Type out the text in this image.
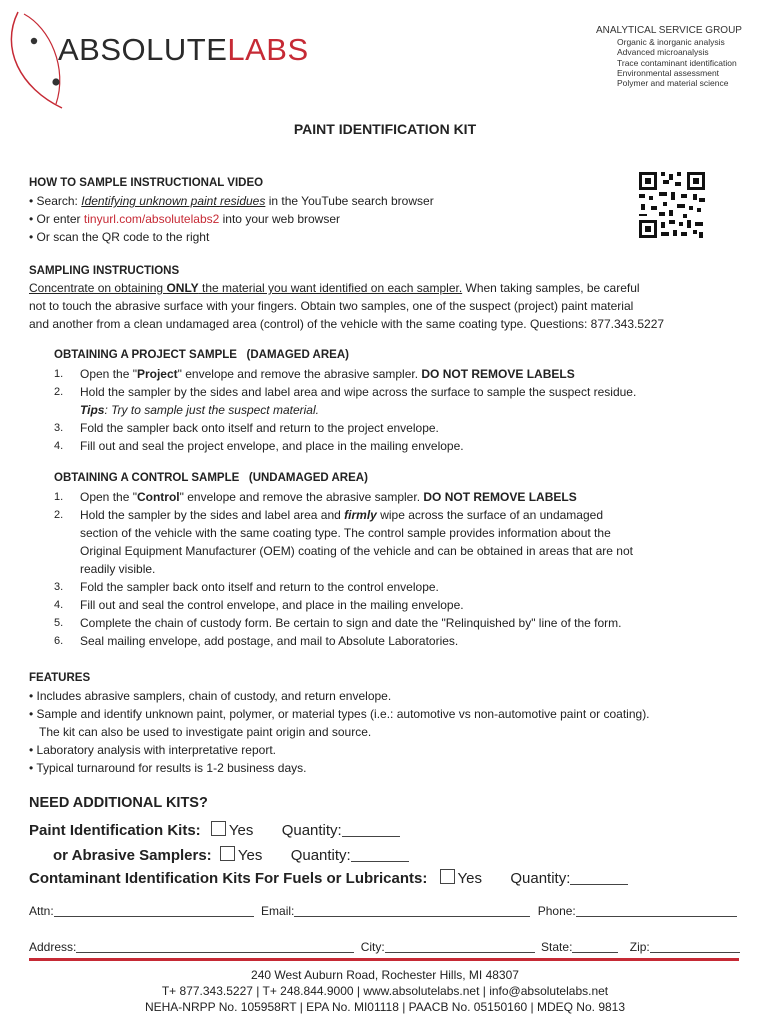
ABSOLUTELABS
ANALYTICAL SERVICE GROUP
Organic & inorganic analysis
Advanced microanalysis
Trace contaminant identification
Environmental assessment
Polymer and material science
PAINT IDENTIFICATION KIT
HOW TO SAMPLE INSTRUCTIONAL VIDEO
• Search: Identifying unknown paint residues in the YouTube search browser
• Or enter tinyurl.com/absolutelabs2 into your web browser
• Or scan the QR code to the right
SAMPLING INSTRUCTIONS
Concentrate on obtaining ONLY the material you want identified on each sampler. When taking samples, be careful
not to touch the abrasive surface with your fingers. Obtain two samples, one of the suspect (project) paint material
and another from a clean undamaged area (control) of the vehicle with the same coating type. Questions: 877.343.5227
OBTAINING A PROJECT SAMPLE   (DAMAGED AREA)
1.	Open the "Project" envelope and remove the abrasive sampler. DO NOT REMOVE LABELS
2.	Hold the sampler by the sides and label area and wipe across the surface to sample the suspect residue.
Tips: Try to sample just the suspect material.
3.	Fold the sampler back onto itself and return to the project envelope.
4.	Fill out and seal the project envelope, and place in the mailing envelope.
OBTAINING A CONTROL SAMPLE   (UNDAMAGED AREA)
1.	Open the "Control" envelope and remove the abrasive sampler. DO NOT REMOVE LABELS
2.	Hold the sampler by the sides and label area and firmly wipe across the surface of an undamaged
section of the vehicle with the same coating type. The control sample provides information about the
Original Equipment Manufacturer (OEM) coating of the vehicle and can be obtained in areas that are not
readily visible.
3.	Fold the sampler back onto itself and return to the control envelope.
4.	Fill out and seal the control envelope, and place in the mailing envelope.
5.	Complete the chain of custody form. Be certain to sign and date the "Relinquished by" line of the form.
6.	Seal mailing envelope, add postage, and mail to Absolute Laboratories.
FEATURES
• Includes abrasive samplers, chain of custody, and return envelope.
• Sample and identify unknown paint, polymer, or material types (i.e.: automotive vs non-automotive paint or coating).
The kit can also be used to investigate paint origin and source.
• Laboratory analysis with interpretative report.
• Typical turnaround for results is 1-2 business days.
NEED ADDITIONAL KITS?
Paint Identification Kits: Yes Quantity:
or Abrasive Samplers: Yes Quantity:
Contaminant Identification Kits For Fuels or Lubricants: Yes Quantity:
Attn:	Email:	Phone:
Address:	City:	State:	Zip:
240 West Auburn Road, Rochester Hills, MI 48307
T+ 877.343.5227 | T+ 248.844.9000 | www.absolutelabs.net | info@absolutelabs.net
NEHA-NRPP No. 105958RT | EPA No. MI01118 | PAACB No. 05150160 | MDEQ No. 9813
